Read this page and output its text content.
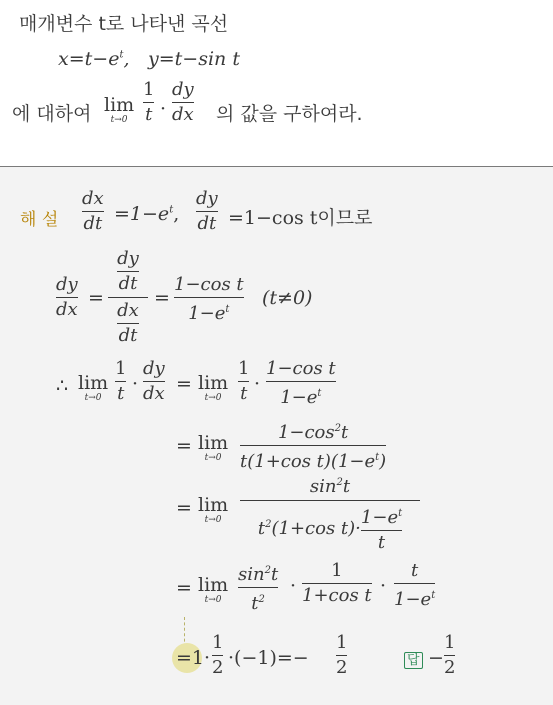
매개변수 t로 나타낸 곡선
$x=t-e^t$, y=t−sin t
에 대하여 lim
t→0
1
t ·
dy
dx 의 값을 구하여라.
해 설
dx
dt $=1-e^t$,
dy
dt =1−cos t이므로
dy
dx
=
$\frac{dy}{dt}$
$\frac{dx}{dt}$
=
1−cos t
$1-e^t$
(t≠0)
∴ lim
t→0
1
t ·
dy
dx = lim
t→0
1
t ·
1−cos t
$1-e^t$
= lim
t→0
$1-\cos^2t$
t(1+cos $t)(1-e^t)$
= lim
t→0
$\sin^2t$
$t^2(1+\cos$ $t)\cdot \frac{1-e^t}{t}$
= lim
t→0
$\sin^2t$
$t^2$
·
1
1+cos t ·
t
$1-e^t$
=1·
1
2 ·(−1)=−
1
2	답 −
1
2
